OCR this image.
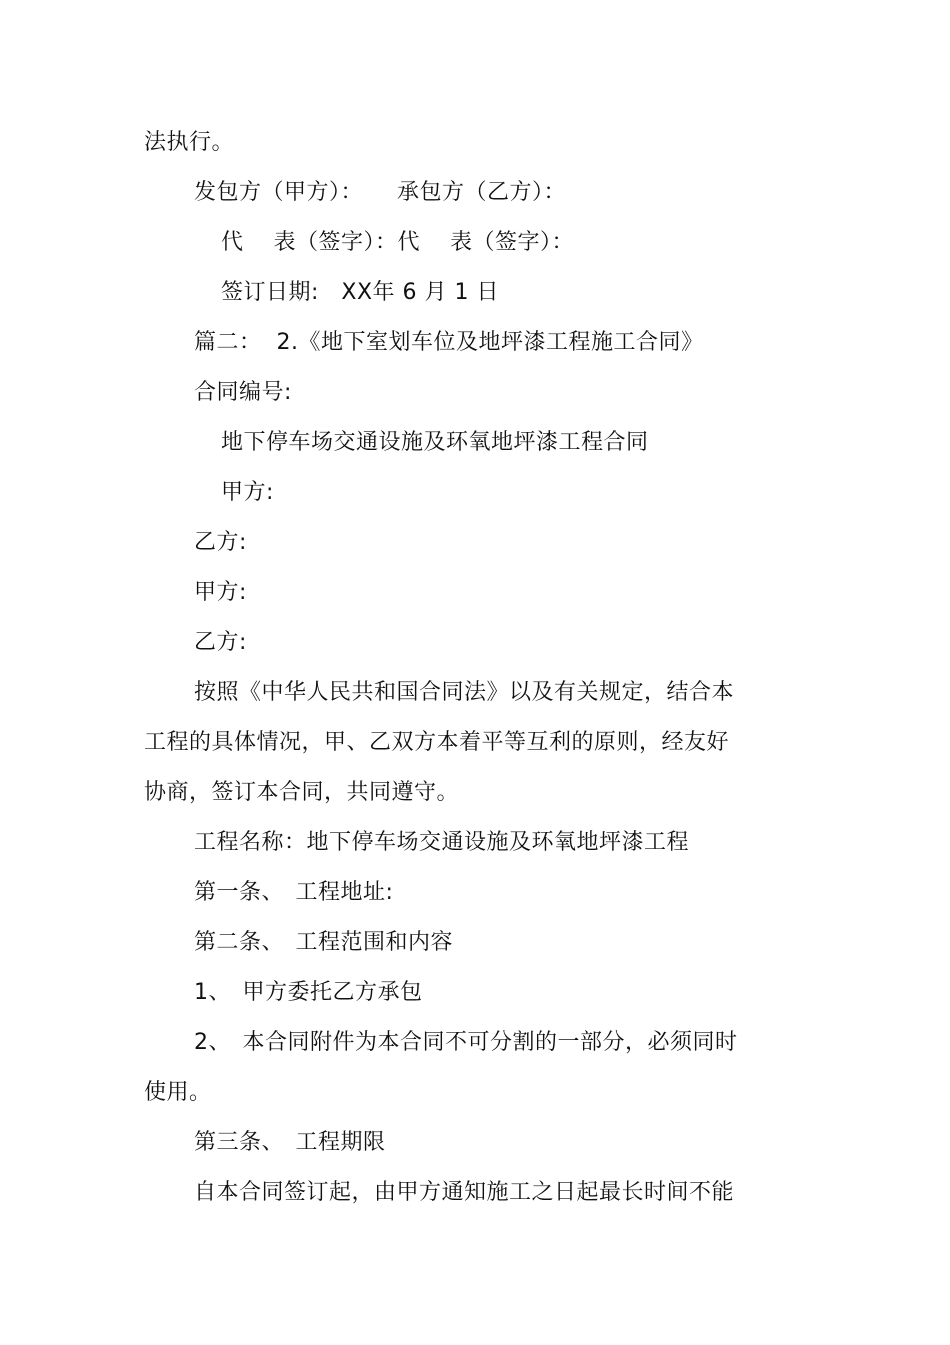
法执行。
发包方（甲方）：　　承包方（乙方）：
代　 表（签字）：代　 表（签字）：
签订日期:　XX年 6 月 1 日
篇二：  2.《地下室划车位及地坪漆工程施工合同》
合同编号:
地下停车场交通设施及环氧地坪漆工程合同
甲方:
乙方:
甲方:
乙方:
按照《中华人民共和国合同法》以及有关规定，结合本
工程的具体情况，甲、乙双方本着平等互利的原则，经友好
协商，签订本合同，共同遵守。
工程名称：地下停车场交通设施及环氧地坪漆工程
第一条、　工程地址:
第二条、　工程范围和内容
1、　甲方委托乙方承包
2、　本合同附件为本合同不可分割的一部分，必须同时
使用。
第三条、　工程期限
自本合同签订起，由甲方通知施工之日起最长时间不能
